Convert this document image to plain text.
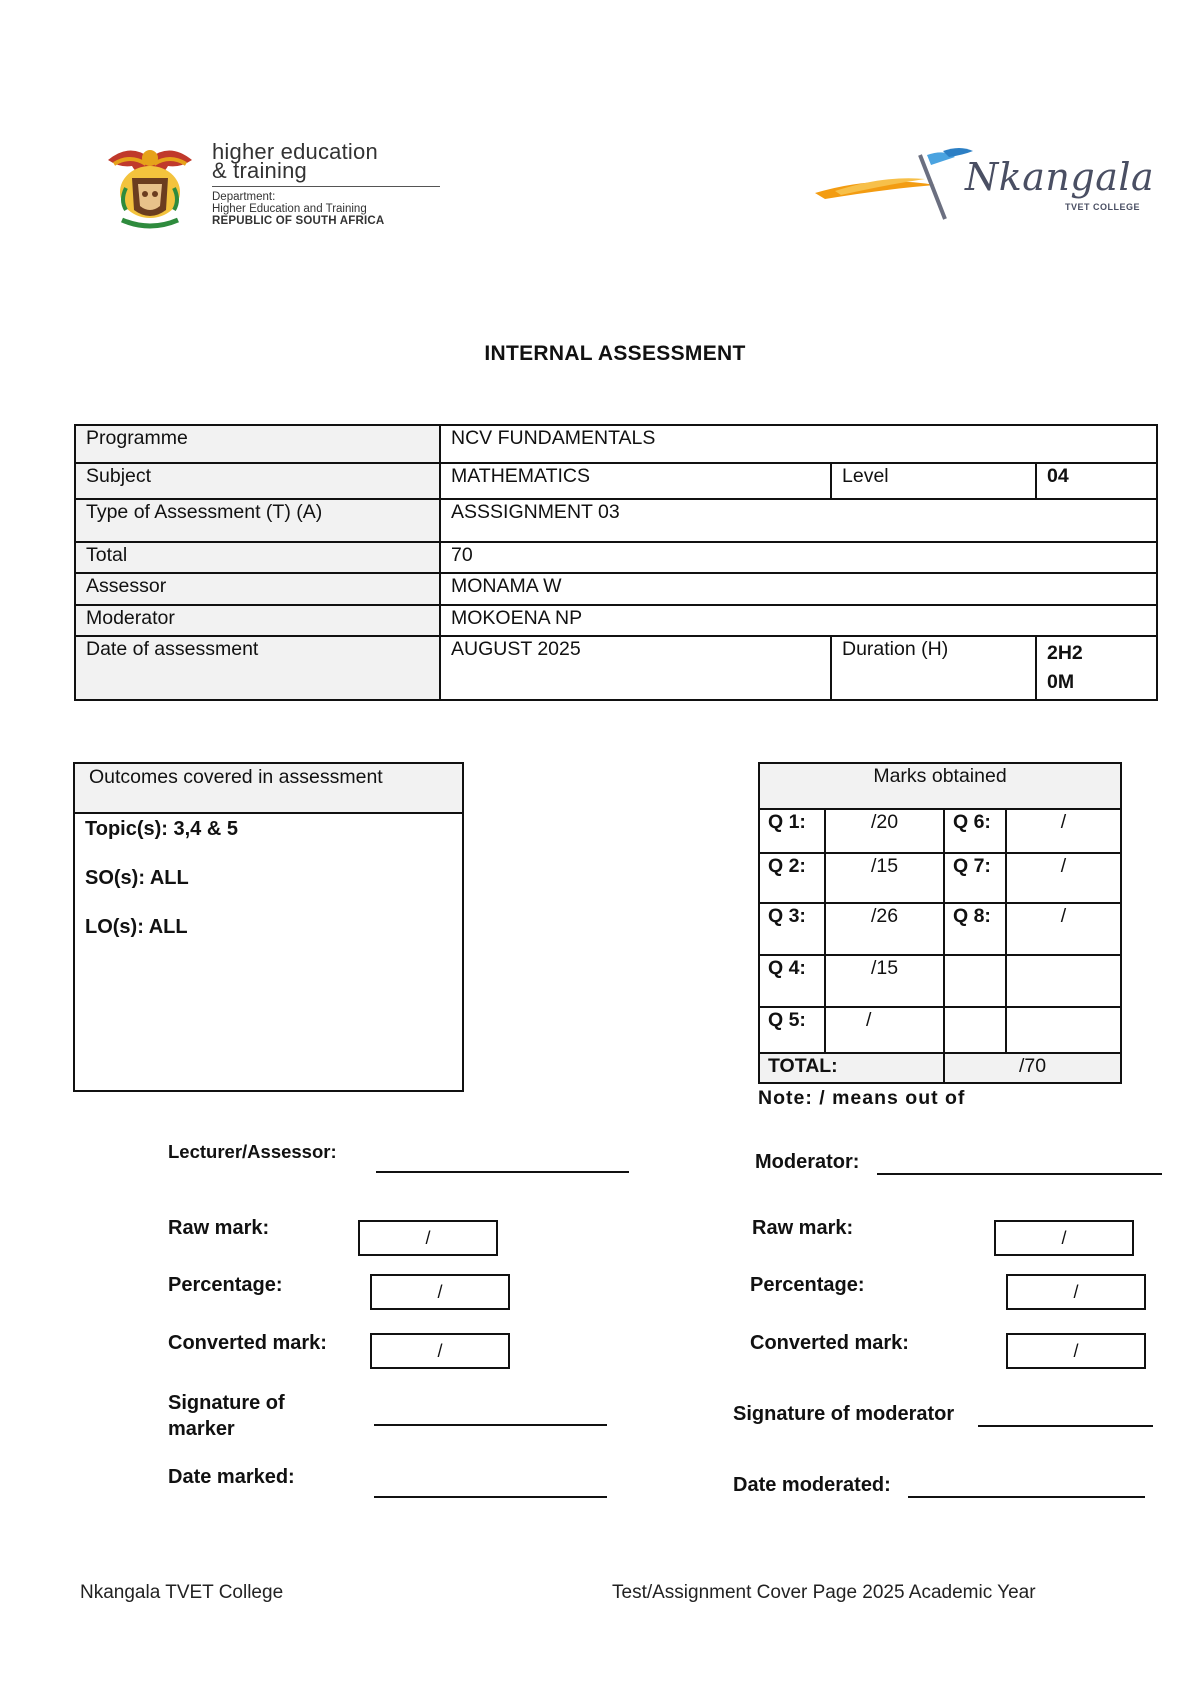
higher education
& training
Department:
Higher Education and Training
REPUBLIC OF SOUTH AFRICA
Nkangala
TVET COLLEGE
INTERNAL ASSESSMENT
Programme	NCV FUNDAMENTALS		
Subject	MATHEMATICS	Level	04
Type of Assessment (T) (A)	ASSSIGNMENT 03		
Total	70		
Assessor	MONAMA W		
Moderator	MOKOENA NP		
Date of assessment	AUGUST 2025	Duration (H)	2H2
0M
Outcomes covered in assessment
Topic(s): 3,4 & 5
SO(s): ALL
LO(s): ALL
Marks obtained			
Q 1:	/20	Q 6:	/
Q 2:	/15	Q 7:	/
Q 3:	/26	Q 8:	/
Q 4:	/15		
Q 5:	/		
TOTAL:		/70	
Note: / means out of
Lecturer/Assessor:
Raw mark:	/
Percentage:	/
Converted mark:	/
Signature of
marker
Date marked:
Moderator:
Raw mark:	/
Percentage:	/
Converted mark:	/
Signature of moderator
Date moderated:
Nkangala TVET College	Test/Assignment Cover Page 2025 Academic Year
